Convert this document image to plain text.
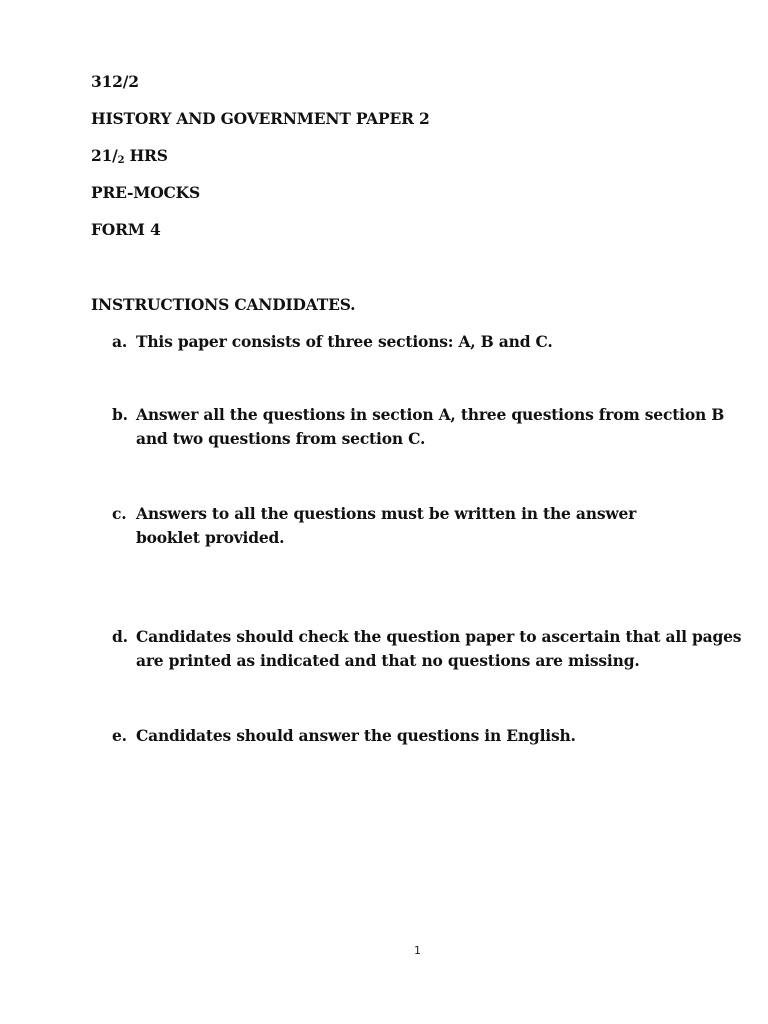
312/2
HISTORY AND GOVERNMENT PAPER 2
$21/_2$ HRS
PRE-MOCKS
FORM 4
INSTRUCTIONS CANDIDATES.
a. This paper consists of three sections: A, B and C.
b. Answer all the questions in section A, three questions from section B and two questions from section C.
c. Answers to all the questions must be written in the answer booklet provided.
d. Candidates should check the question paper to ascertain that all pages are printed as indicated and that no questions are missing.
e. Candidates should answer the questions in English.
1
